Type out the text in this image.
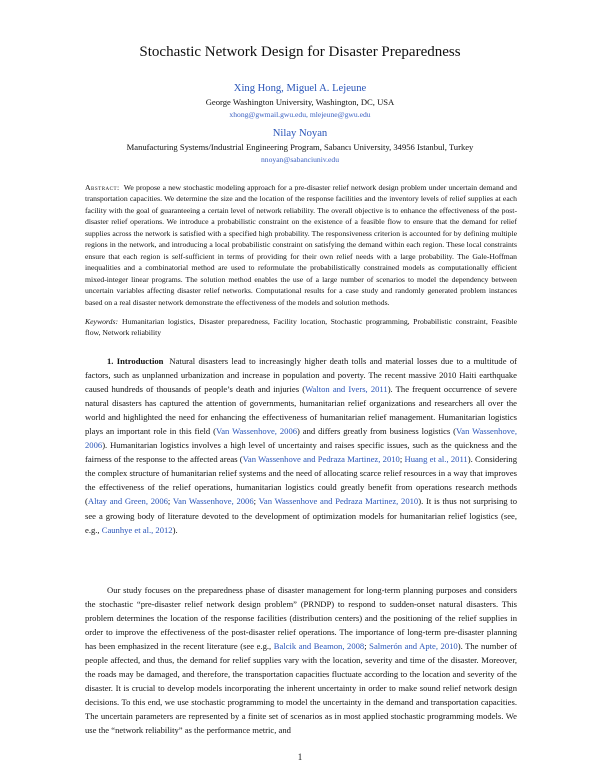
Stochastic Network Design for Disaster Preparedness
Xing Hong, Miguel A. Lejeune
George Washington University, Washington, DC, USA
xhong@gwmail.gwu.edu, mlejeune@gwu.edu
Nilay Noyan
Manufacturing Systems/Industrial Engineering Program, Sabancı University, 34956 Istanbul, Turkey
nnoyan@sabanciuniv.edu
Abstract: We propose a new stochastic modeling approach for a pre-disaster relief network design problem under uncertain demand and transportation capacities. We determine the size and the location of the response facilities and the inventory levels of relief supplies at each facility with the goal of guaranteeing a certain level of network reliability. The overall objective is to enhance the effectiveness of the post-disaster relief operations. We introduce a probabilistic constraint on the existence of a feasible flow to ensure that the demand for relief supplies across the network is satisfied with a specified high probability. The responsiveness criterion is accounted for by defining multiple regions in the network, and introducing a local probabilistic constraint on satisfying the demand within each region. These local constraints ensure that each region is self-sufficient in terms of providing for their own relief needs with a large probability. The Gale-Hoffman inequalities and a combinatorial method are used to reformulate the probabilistically constrained models as computationally efficient mixed-integer linear programs. The solution method enables the use of a large number of scenarios to model the dependency between uncertain variables affecting disaster relief networks. Computational results for a case study and randomly generated problem instances based on a real disaster network demonstrate the effectiveness of the models and solution methods.
Keywords: Humanitarian logistics, Disaster preparedness, Facility location, Stochastic programming, Probabilistic constraint, Feasible flow, Network reliability
1. Introduction Natural disasters lead to increasingly higher death tolls and material losses due to a multitude of factors, such as unplanned urbanization and increase in population and poverty. The recent massive 2010 Haiti earthquake caused hundreds of thousands of people’s death and injuries (Walton and Ivers, 2011). The frequent occurrence of severe natural disasters has captured the attention of governments, humanitarian relief organizations and researchers all over the world and highlighted the need for enhancing the effectiveness of humanitarian relief management. Humanitarian logistics plays an important role in this field (Van Wassenhove, 2006) and differs greatly from business logistics (Van Wassenhove, 2006). Humanitarian logistics involves a high level of uncertainty and raises specific issues, such as the quickness and the fairness of the response to the affected areas (Van Wassenhove and Pedraza Martinez, 2010; Huang et al., 2011). Considering the complex structure of humanitarian relief systems and the need of allocating scarce relief resources in a way that improves the effectiveness of the relief operations, humanitarian logistics could greatly benefit from operations research methods (Altay and Green, 2006; Van Wassenhove, 2006; Van Wassenhove and Pedraza Martinez, 2010). It is thus not surprising to see a growing body of literature devoted to the development of optimization models for humanitarian relief logistics (see, e.g., Caunhye et al., 2012).
Our study focuses on the preparedness phase of disaster management for long-term planning purposes and considers the stochastic “pre-disaster relief network design problem” (PRNDP) to respond to sudden-onset natural disasters. This problem determines the location of the response facilities (distribution centers) and the positioning of the relief supplies in order to improve the effectiveness of the post-disaster relief operations. The importance of long-term pre-disaster planning has been emphasized in the recent literature (see e.g., Balcik and Beamon, 2008; Salmerón and Apte, 2010). The number of people affected, and thus, the demand for relief supplies vary with the location, severity and time of the disaster. Moreover, the roads may be damaged, and therefore, the transportation capacities fluctuate according to the location and severity of the disaster. It is crucial to develop models incorporating the inherent uncertainty in order to make sound relief network design decisions. To this end, we use stochastic programming to model the uncertainty in the demand and transportation capacities. The uncertain parameters are represented by a finite set of scenarios as in most applied stochastic programming models. We use the “network reliability” as the performance metric, and
1
